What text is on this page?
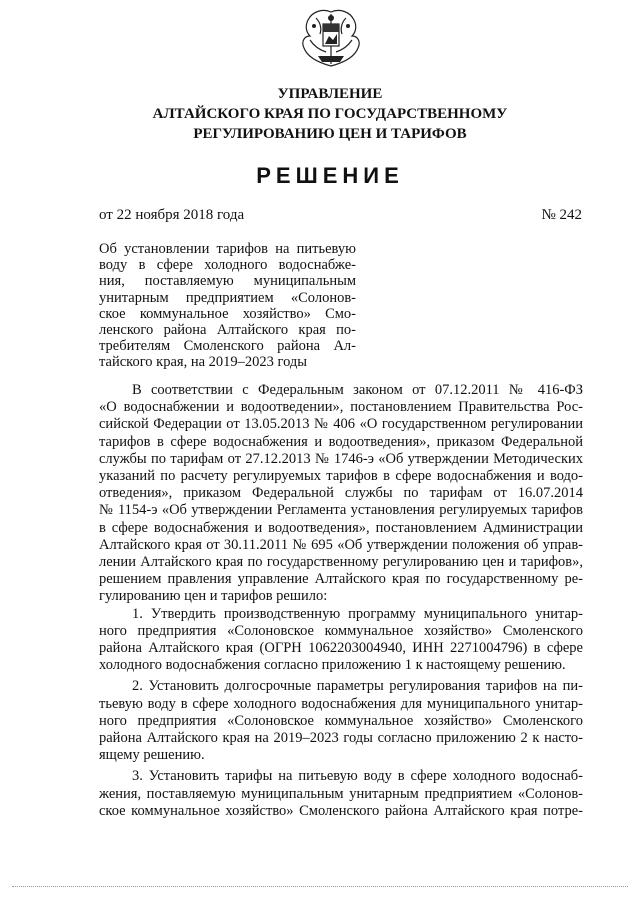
УПРАВЛЕНИЕ
АЛТАЙСКОГО КРАЯ ПО ГОСУДАРСТВЕННОМУ
РЕГУЛИРОВАНИЮ ЦЕН И ТАРИФОВ
РЕШЕНИЕ
от 22 ноября 2018 года	№ 242
Об установлении тарифов на питьевую
воду в сфере холодного водоснабже-
ния, поставляемую муниципальным
унитарным предприятием «Солонов-
ское коммунальное хозяйство» Смо-
ленского района Алтайского края по-
требителям Смоленского района Ал-
тайского края, на 2019–2023 годы
В соответствии с Федеральным законом от 07.12.2011 № 416-ФЗ
«О водоснабжении и водоотведении», постановлением Правительства Рос-
сийской Федерации от 13.05.2013 № 406 «О государственном регулировании
тарифов в сфере водоснабжения и водоотведения», приказом Федеральной
службы по тарифам от 27.12.2013 № 1746-э «Об утверждении Методических
указаний по расчету регулируемых тарифов в сфере водоснабжения и водо-
отведения», приказом Федеральной службы по тарифам от 16.07.2014
№ 1154-э «Об утверждении Регламента установления регулируемых тарифов
в сфере водоснабжения и водоотведения», постановлением Администрации
Алтайского края от 30.11.2011 № 695 «Об утверждении положения об управ-
лении Алтайского края по государственному регулированию цен и тарифов»,
решением правления управление Алтайского края по государственному ре-
гулированию цен и тарифов решило:
1. Утвердить производственную программу муниципального унитар-
ного предприятия «Солоновское коммунальное хозяйство» Смоленского
района Алтайского края (ОГРН 1062203004940, ИНН 2271004796) в сфере
холодного водоснабжения согласно приложению 1 к настоящему решению.
2. Установить долгосрочные параметры регулирования тарифов на пи-
тьевую воду в сфере холодного водоснабжения для муниципального унитар-
ного предприятия «Солоновское коммунальное хозяйство» Смоленского
района Алтайского края на 2019–2023 годы согласно приложению 2 к насто-
ящему решению.
3. Установить тарифы на питьевую воду в сфере холодного водоснаб-
жения, поставляемую муниципальным унитарным предприятием «Солонов-
ское коммунальное хозяйство» Смоленского района Алтайского края потре-
